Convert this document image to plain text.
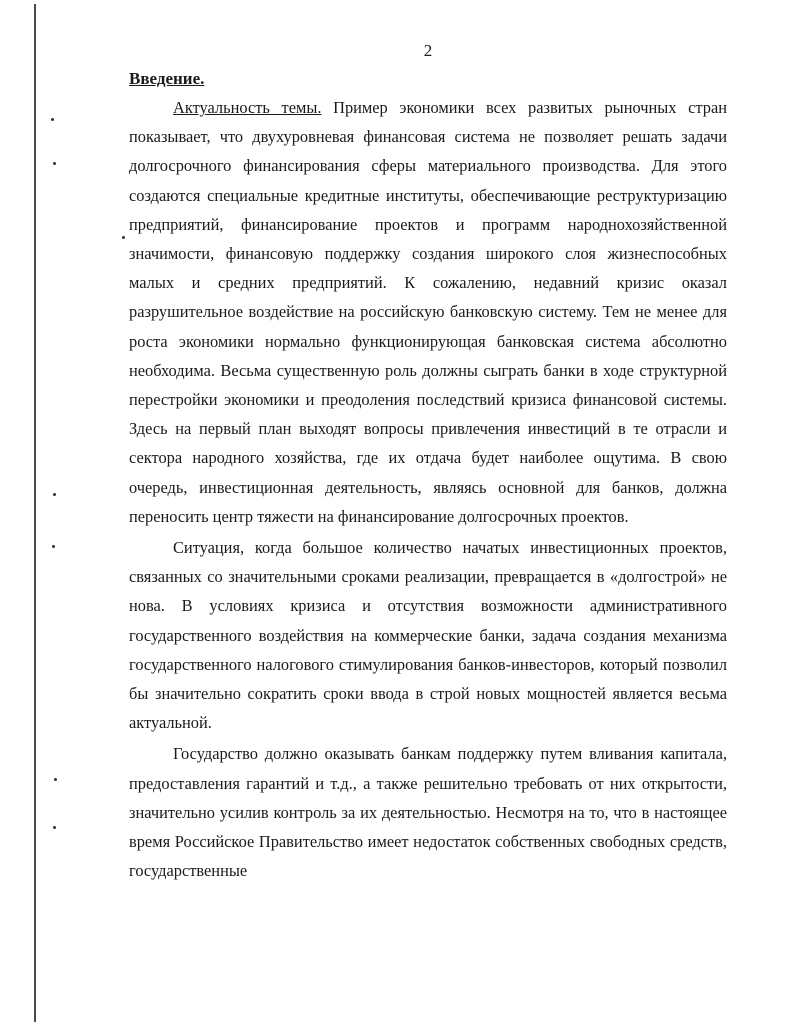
2

Введение.

Актуальность темы. Пример экономики всех развитых рыночных стран показывает, что двухуровневая финансовая система не позволяет решать задачи долгосрочного финансирования сферы материального производства. Для этого создаются специальные кредитные институты, обеспечивающие реструктуризацию предприятий, финансирование проектов и программ народнохозяйственной значимости, финансовую поддержку создания широкого слоя жизнеспособных малых и средних предприятий. К сожалению, недавний кризис оказал разрушительное воздействие на российскую банковскую систему. Тем не менее для роста экономики нормально функционирующая банковская система абсолютно необходима. Весьма существенную роль должны сыграть банки в ходе структурной перестройки экономики и преодоления последствий кризиса финансовой системы. Здесь на первый план выходят вопросы привлечения инвестиций в те отрасли и сектора народного хозяйства, где их отдача будет наиболее ощутима. В свою очередь, инвестиционная деятельность, являясь основной для банков, должна переносить центр тяжести на финансирование долгосрочных проектов.

Ситуация, когда большое количество начатых инвестиционных проектов, связанных со значительными сроками реализации, превращается в «долгострой» не нова. В условиях кризиса и отсутствия возможности административного государственного воздействия на коммерческие банки, задача создания механизма государственного налогового стимулирования банков-инвесторов, который позволил бы значительно сократить сроки ввода в строй новых мощностей является весьма актуальной.

Государство должно оказывать банкам поддержку путем вливания капитала, предоставления гарантий и т.д., а также решительно требовать от них открытости, значительно усилив контроль за их деятельностью. Несмотря на то, что в настоящее время Российское Правительство имеет недостаток собственных свободных средств, государственные
